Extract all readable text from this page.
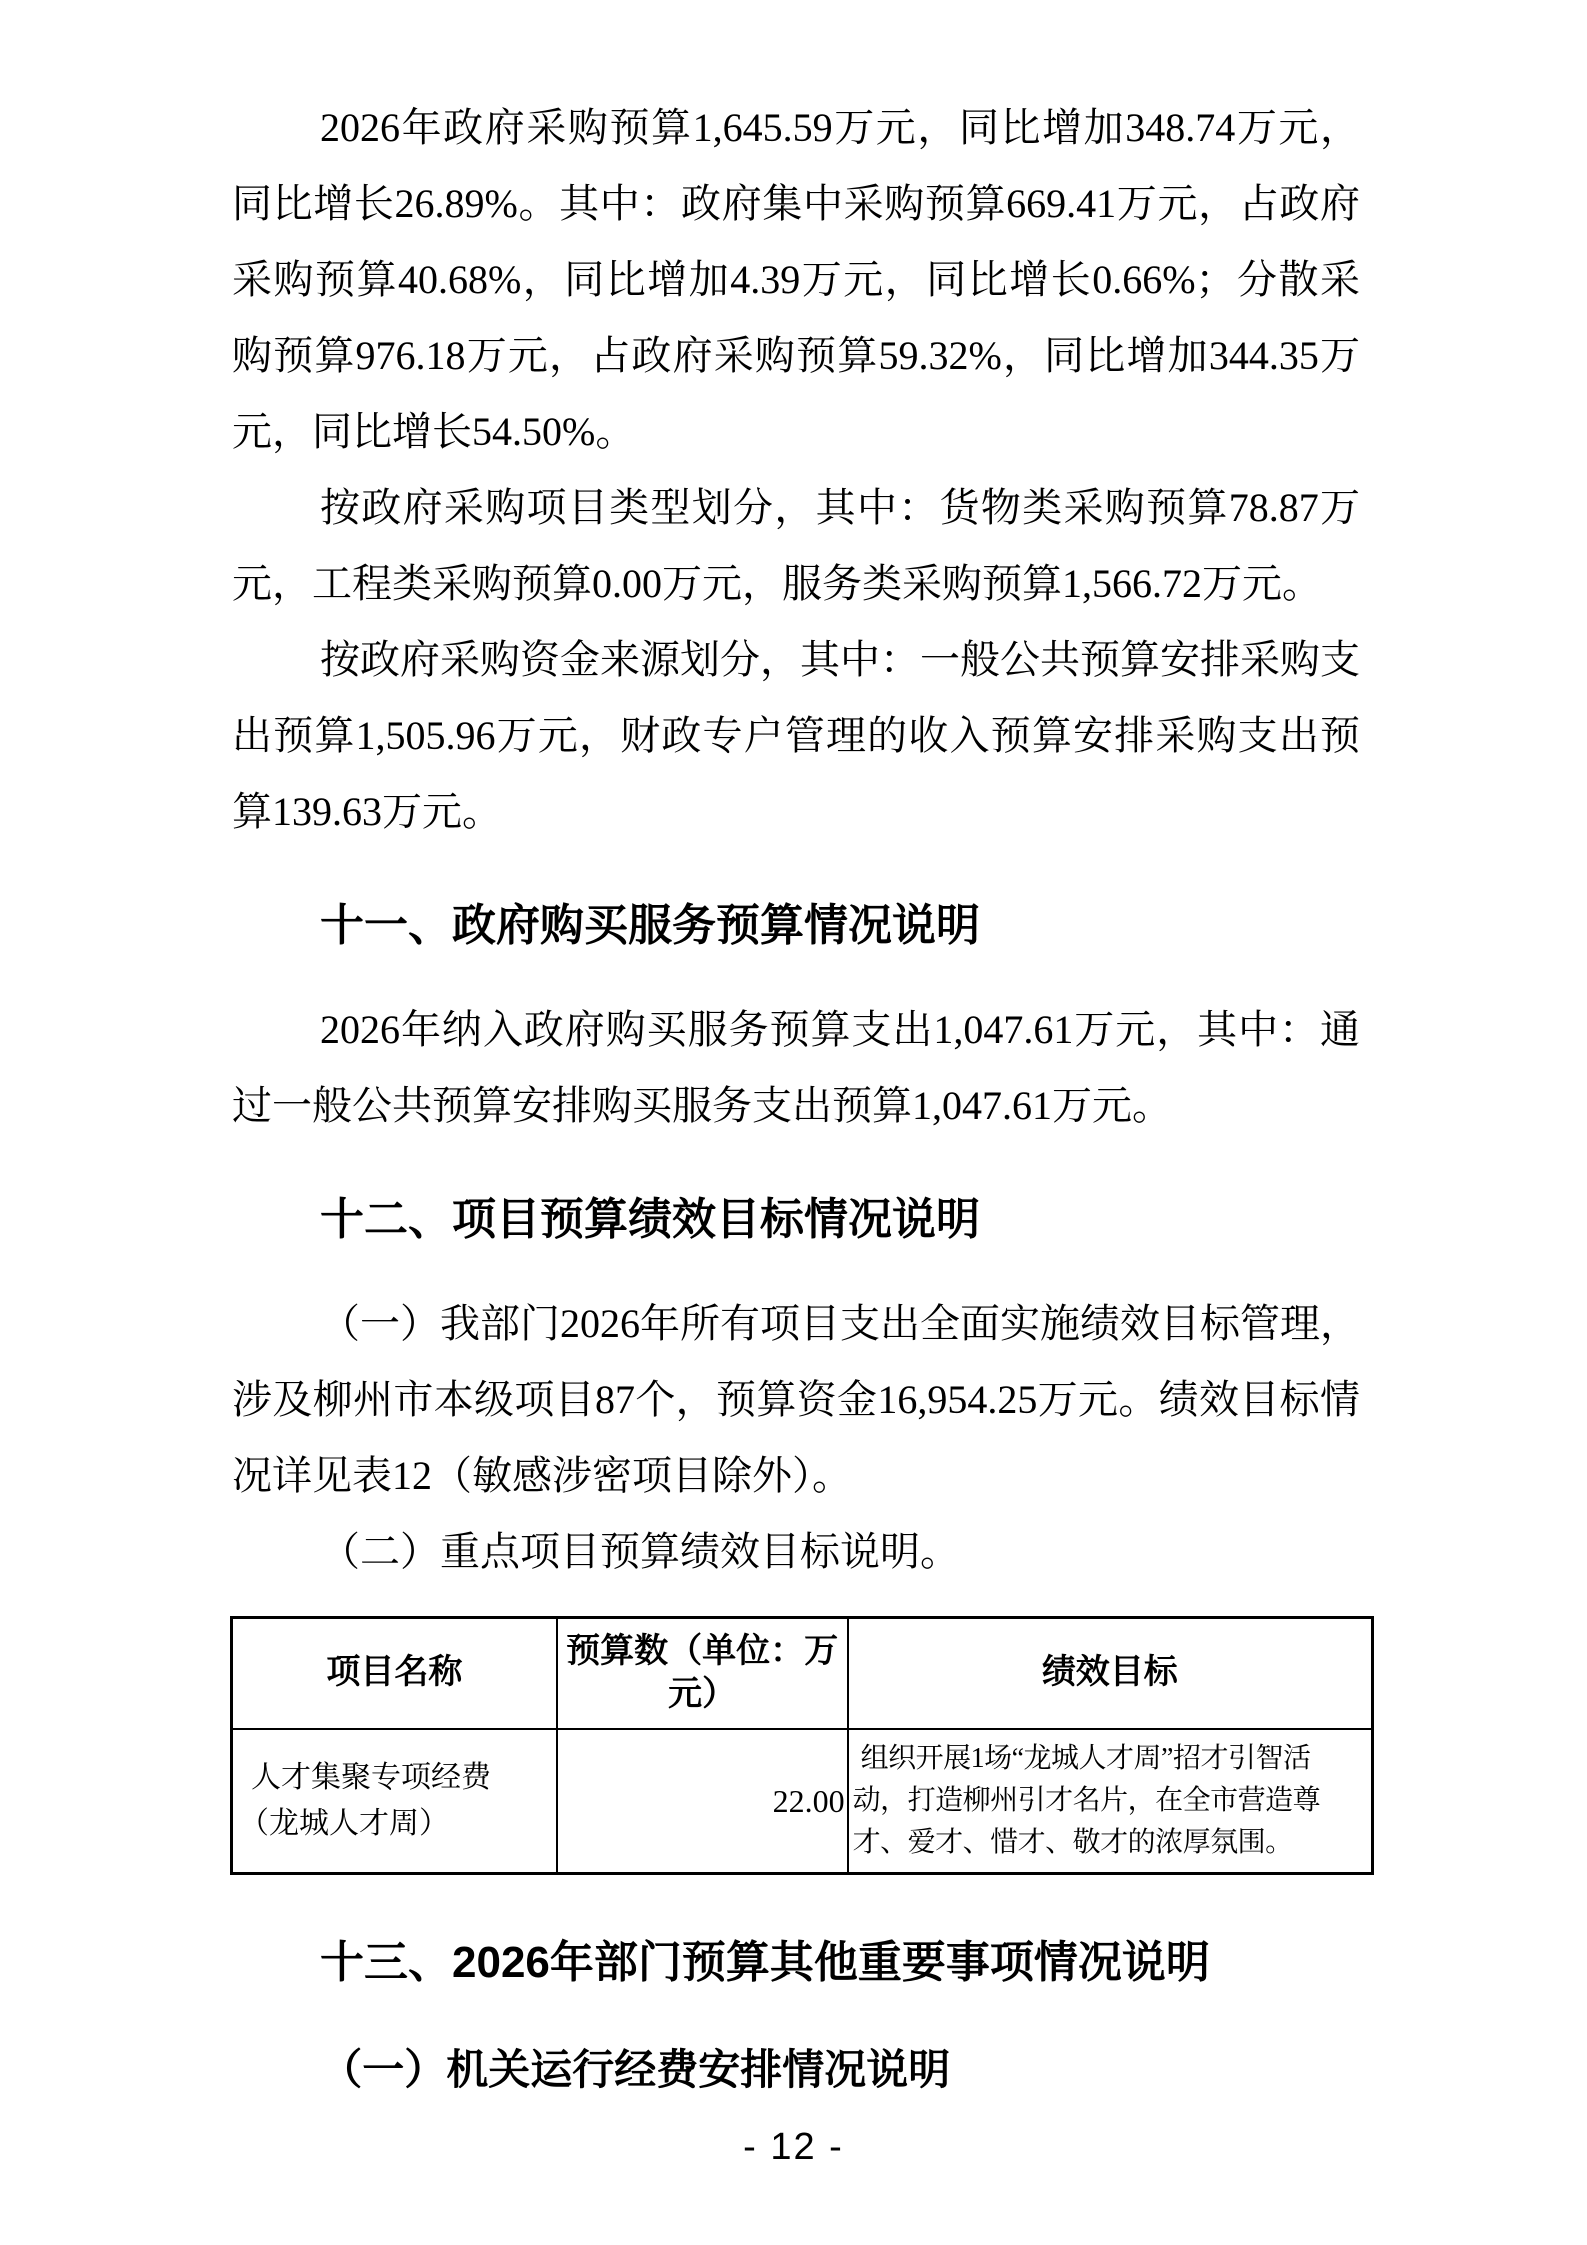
2026年政府采购预算1,645.59万元，同比增加348.74万元，同比增长26.89%。其中：政府集中采购预算669.41万元，占政府采购预算40.68%，同比增加4.39万元，同比增长0.66%；分散采购预算976.18万元，占政府采购预算59.32%，同比增加344.35万元，同比增长54.50%。

按政府采购项目类型划分，其中：货物类采购预算78.87万元，工程类采购预算0.00万元，服务类采购预算1,566.72万元。

按政府采购资金来源划分，其中：一般公共预算安排采购支出预算1,505.96万元，财政专户管理的收入预算安排采购支出预算139.63万元。

十一、政府购买服务预算情况说明

2026年纳入政府购买服务预算支出1,047.61万元，其中：通过一般公共预算安排购买服务支出预算1,047.61万元。

十二、项目预算绩效目标情况说明

（一）我部门2026年所有项目支出全面实施绩效目标管理，涉及柳州市本级项目87个，预算资金16,954.25万元。绩效目标情况详见表12（敏感涉密项目除外）。

（二）重点项目预算绩效目标说明。

项目名称	预算数（单位：万元）	绩效目标
人才集聚专项经费（龙城人才周）	22.00	组织开展1场“龙城人才周”招才引智活动，打造柳州引才名片，在全市营造尊才、爱才、惜才、敬才的浓厚氛围。
十三、2026年部门预算其他重要事项情况说明
（一）机关运行经费安排情况说明
- 12 -
